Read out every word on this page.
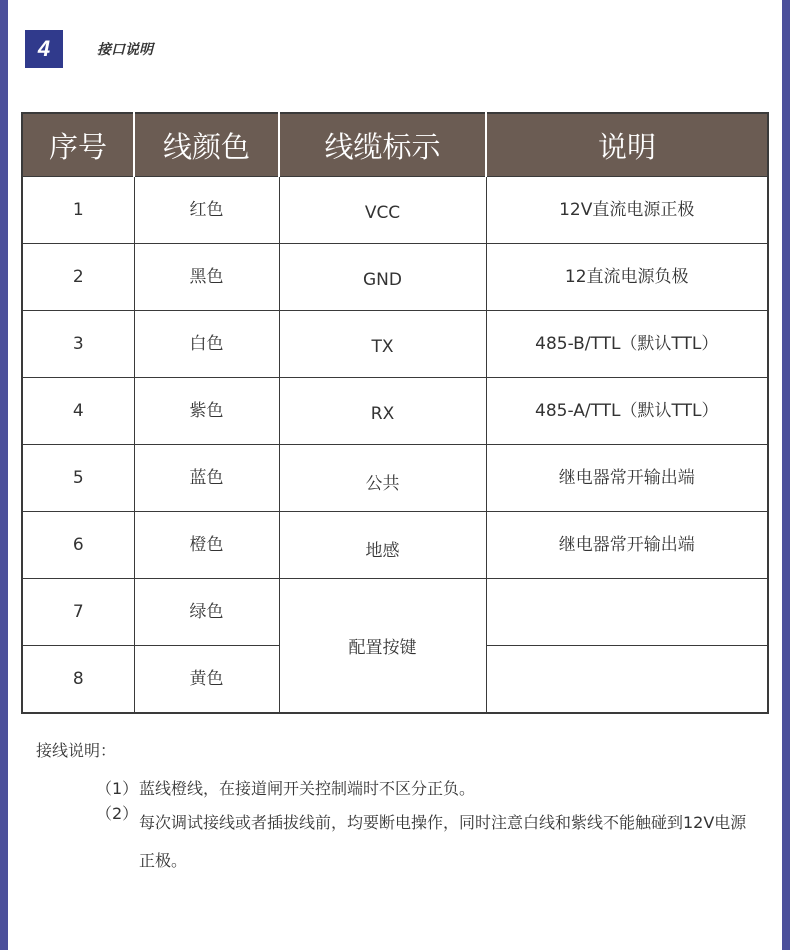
4	接口说明
序号	线颜色	线缆标示	说明
1	红色	VCC	12V直流电源正极
2	黑色	GND	12直流电源负极
3	白色	TX	485-B/TTL（默认TTL）
4	紫色	RX	485-A/TTL（默认TTL）
5	蓝色	公共	继电器常开输出端
6	橙色	地感	继电器常开输出端
7	绿色	配置按键	
8	黄色		
接线说明：
（1） 蓝线橙线，在接道闸开关控制端时不区分正负。
（2） 每次调试接线或者插拔线前，均要断电操作，同时注意白线和紫线不能触碰到12V电源正极。
